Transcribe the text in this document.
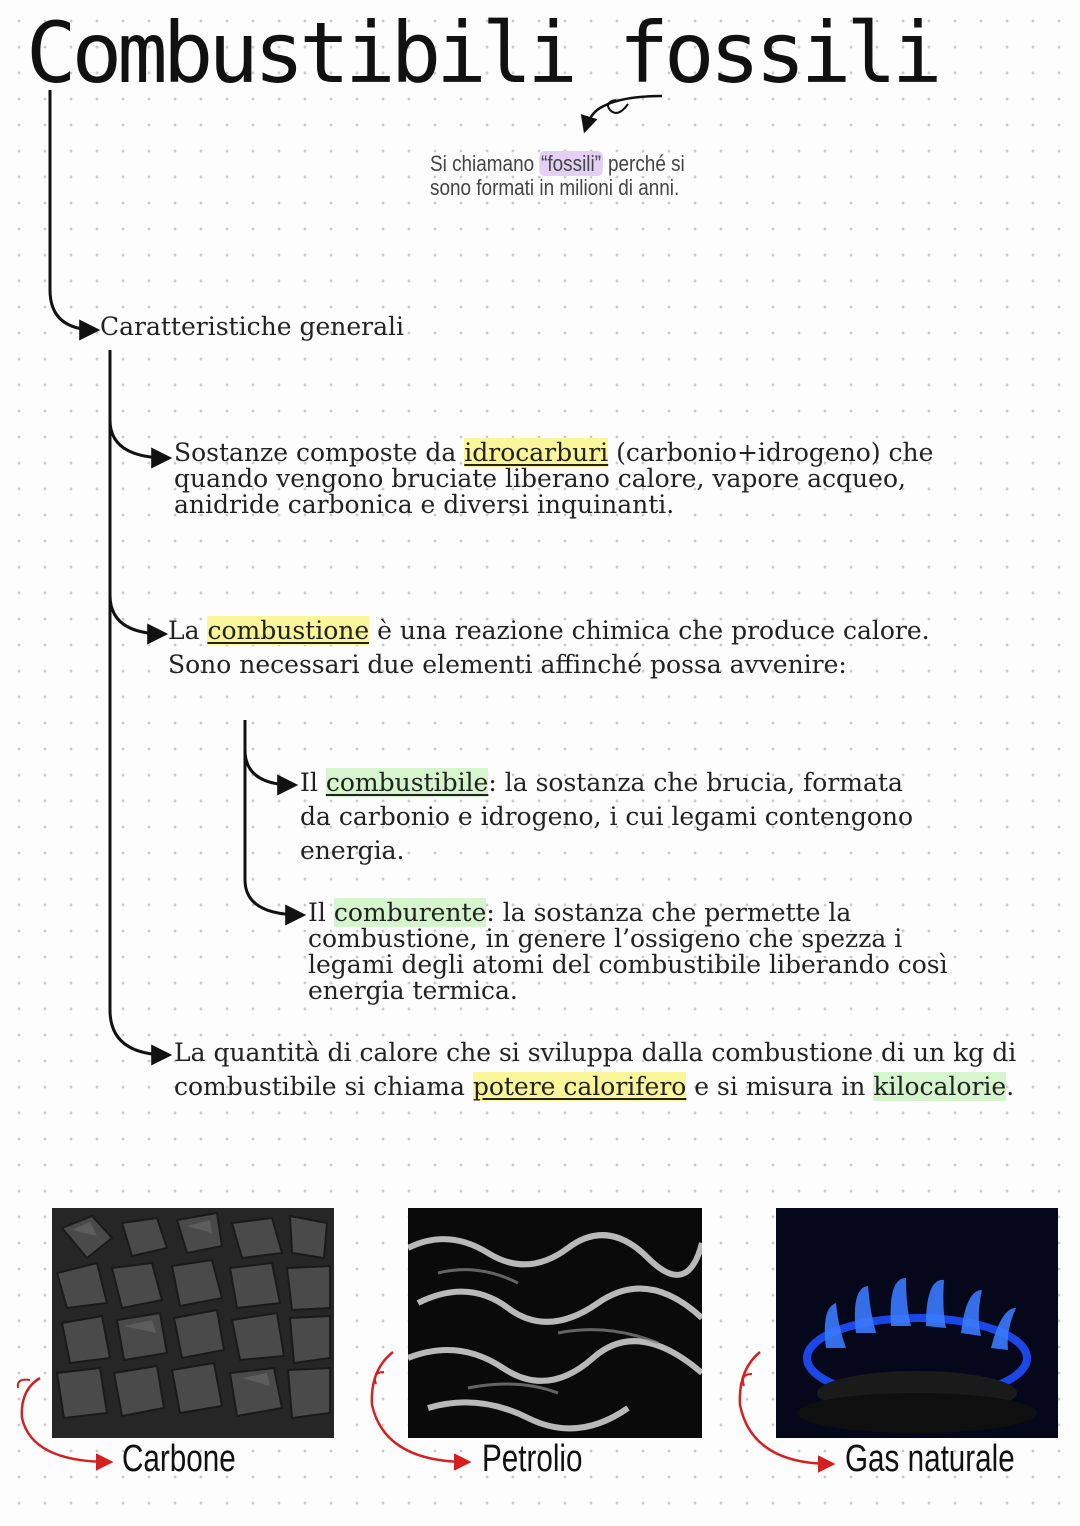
Combustibili fossili
Si chiamano “fossili” perché si sono formati in milioni di anni.
Caratteristiche generali
Sostanze composte da idrocarburi (carbonio+idrogeno) che quando vengono bruciate liberano calore, vapore acqueo, anidride carbonica e diversi inquinanti.
La combustione è una reazione chimica che produce calore. Sono necessari due elementi affinché possa avvenire:
Il combustibile: la sostanza che brucia, formata da carbonio e idrogeno, i cui legami contengono energia.
Il comburente: la sostanza che permette la combustione, in genere l’ossigeno che spezza i legami degli atomi del combustibile liberando così energia termica.
La quantità di calore che si sviluppa dalla combustione di un kg di combustibile si chiama potere calorifero e si misura in kilocalorie.
Carbone	Petrolio	Gas naturale
